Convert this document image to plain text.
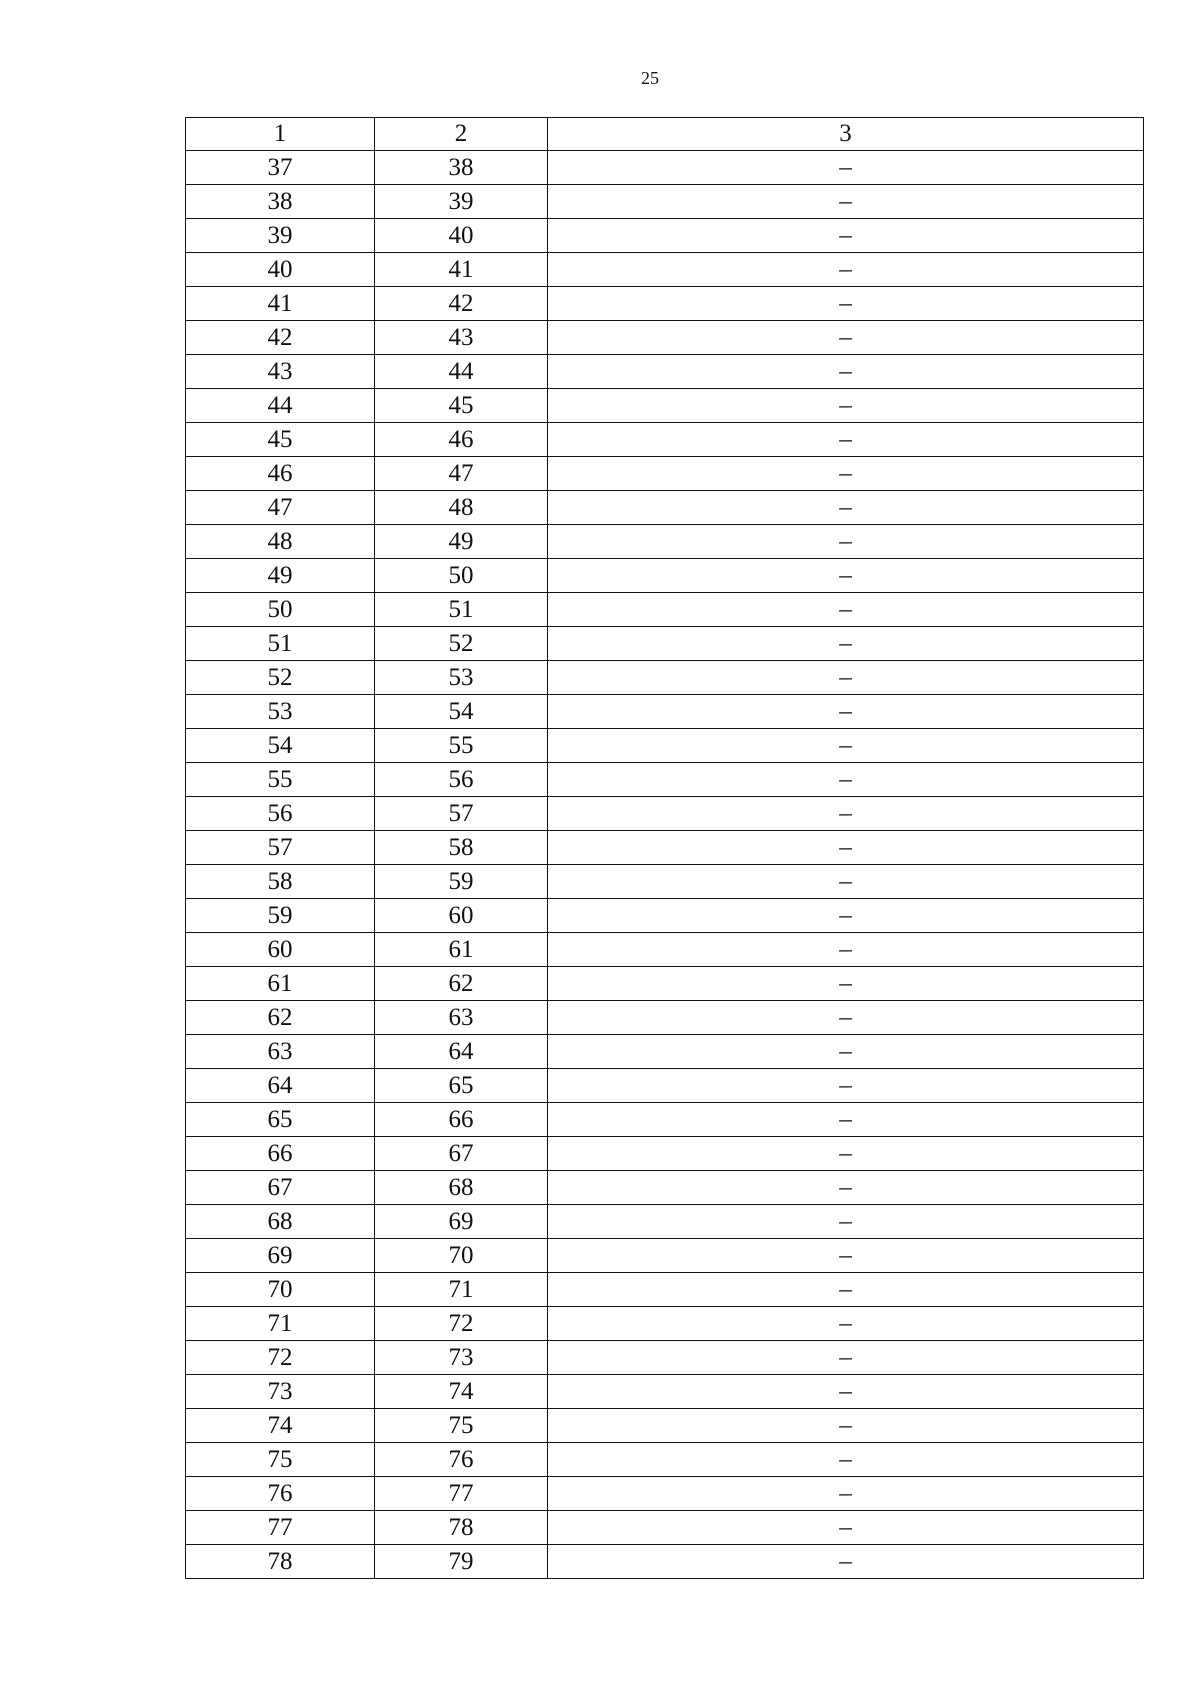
25
1	2	3
37	38	–
38	39	–
39	40	–
40	41	–
41	42	–
42	43	–
43	44	–
44	45	–
45	46	–
46	47	–
47	48	–
48	49	–
49	50	–
50	51	–
51	52	–
52	53	–
53	54	–
54	55	–
55	56	–
56	57	–
57	58	–
58	59	–
59	60	–
60	61	–
61	62	–
62	63	–
63	64	–
64	65	–
65	66	–
66	67	–
67	68	–
68	69	–
69	70	–
70	71	–
71	72	–
72	73	–
73	74	–
74	75	–
75	76	–
76	77	–
77	78	–
78	79	–
